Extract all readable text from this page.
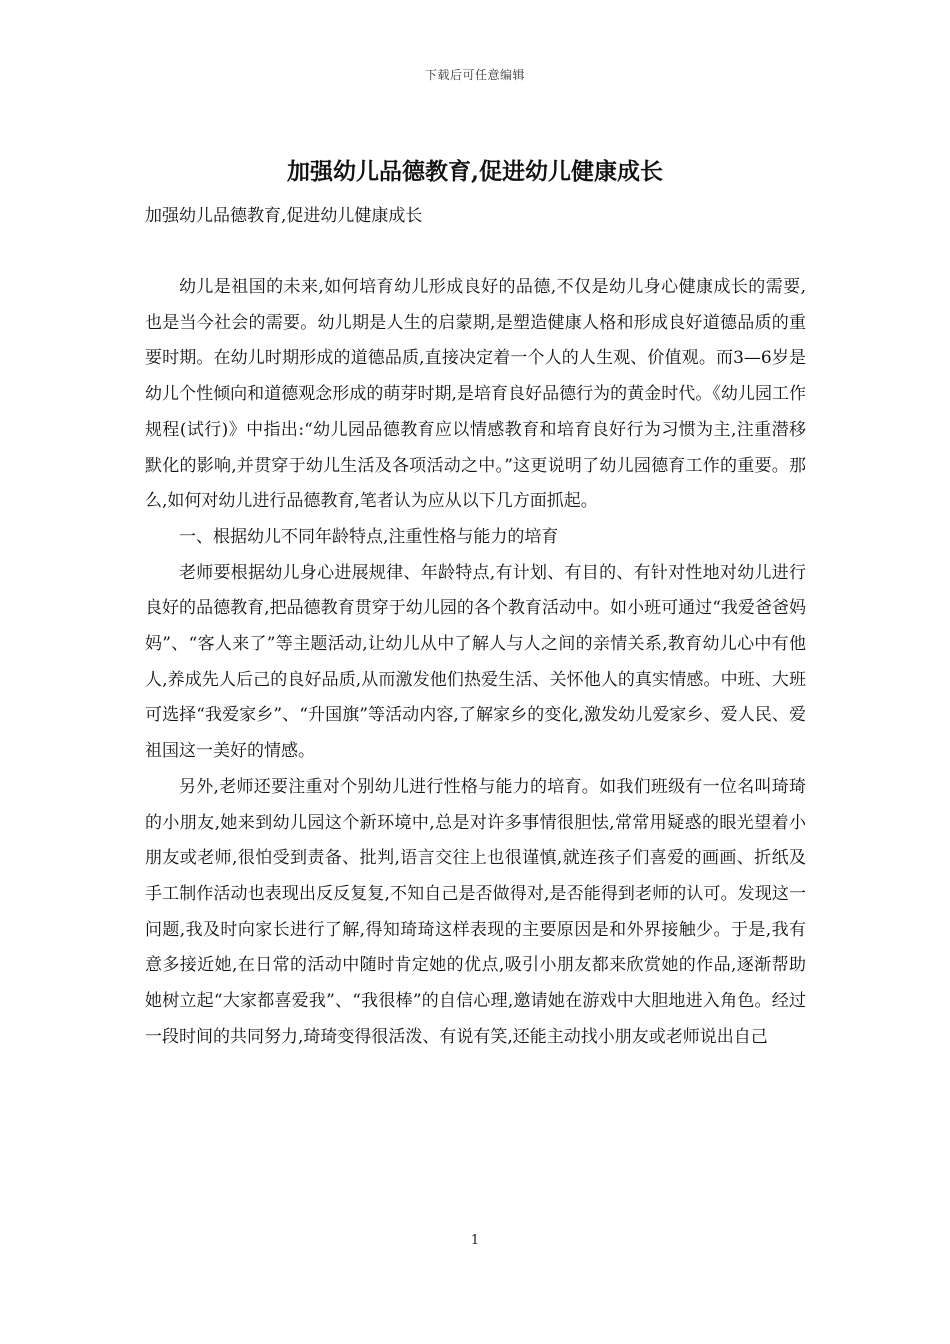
下载后可任意编辑
加强幼儿品德教育,促进幼儿健康成长
加强幼儿品德教育,促进幼儿健康成长

幼儿是祖国的未来,如何培育幼儿形成良好的品德,不仅是幼儿身心健康成长的需要,也是当今社会的需要。幼儿期是人生的启蒙期,是塑造健康人格和形成良好道德品质的重要时期。在幼儿时期形成的道德品质,直接决定着一个人的人生观、价值观。而3—6岁是幼儿个性倾向和道德观念形成的萌芽时期,是培育良好品德行为的黄金时代。《幼儿园工作规程(试行)》中指出:“幼儿园品德教育应以情感教育和培育良好行为习惯为主,注重潜移默化的影响,并贯穿于幼儿生活及各项活动之中。”这更说明了幼儿园德育工作的重要。那么,如何对幼儿进行品德教育,笔者认为应从以下几方面抓起。

一、根据幼儿不同年龄特点,注重性格与能力的培育

老师要根据幼儿身心进展规律、年龄特点,有计划、有目的、有针对性地对幼儿进行良好的品德教育,把品德教育贯穿于幼儿园的各个教育活动中。如小班可通过“我爱爸爸妈妈”、“客人来了”等主题活动,让幼儿从中了解人与人之间的亲情关系,教育幼儿心中有他人,养成先人后己的良好品质,从而激发他们热爱生活、关怀他人的真实情感。中班、大班可选择“我爱家乡”、“升国旗”等活动内容,了解家乡的变化,激发幼儿爱家乡、爱人民、爱祖国这一美好的情感。

另外,老师还要注重对个别幼儿进行性格与能力的培育。如我们班级有一位名叫琦琦的小朋友,她来到幼儿园这个新环境中,总是对许多事情很胆怯,常常用疑惑的眼光望着小朋友或老师,很怕受到责备、批判,语言交往上也很谨慎,就连孩子们喜爱的画画、折纸及手工制作活动也表现出反反复复,不知自己是否做得对,是否能得到老师的认可。发现这一问题,我及时向家长进行了解,得知琦琦这样表现的主要原因是和外界接触少。于是,我有意多接近她,在日常的活动中随时肯定她的优点,吸引小朋友都来欣赏她的作品,逐渐帮助她树立起“大家都喜爱我”、“我很棒”的自信心理,邀请她在游戏中大胆地进入角色。经过一段时间的共同努力,琦琦变得很活泼、有说有笑,还能主动找小朋友或老师说出自己

1
